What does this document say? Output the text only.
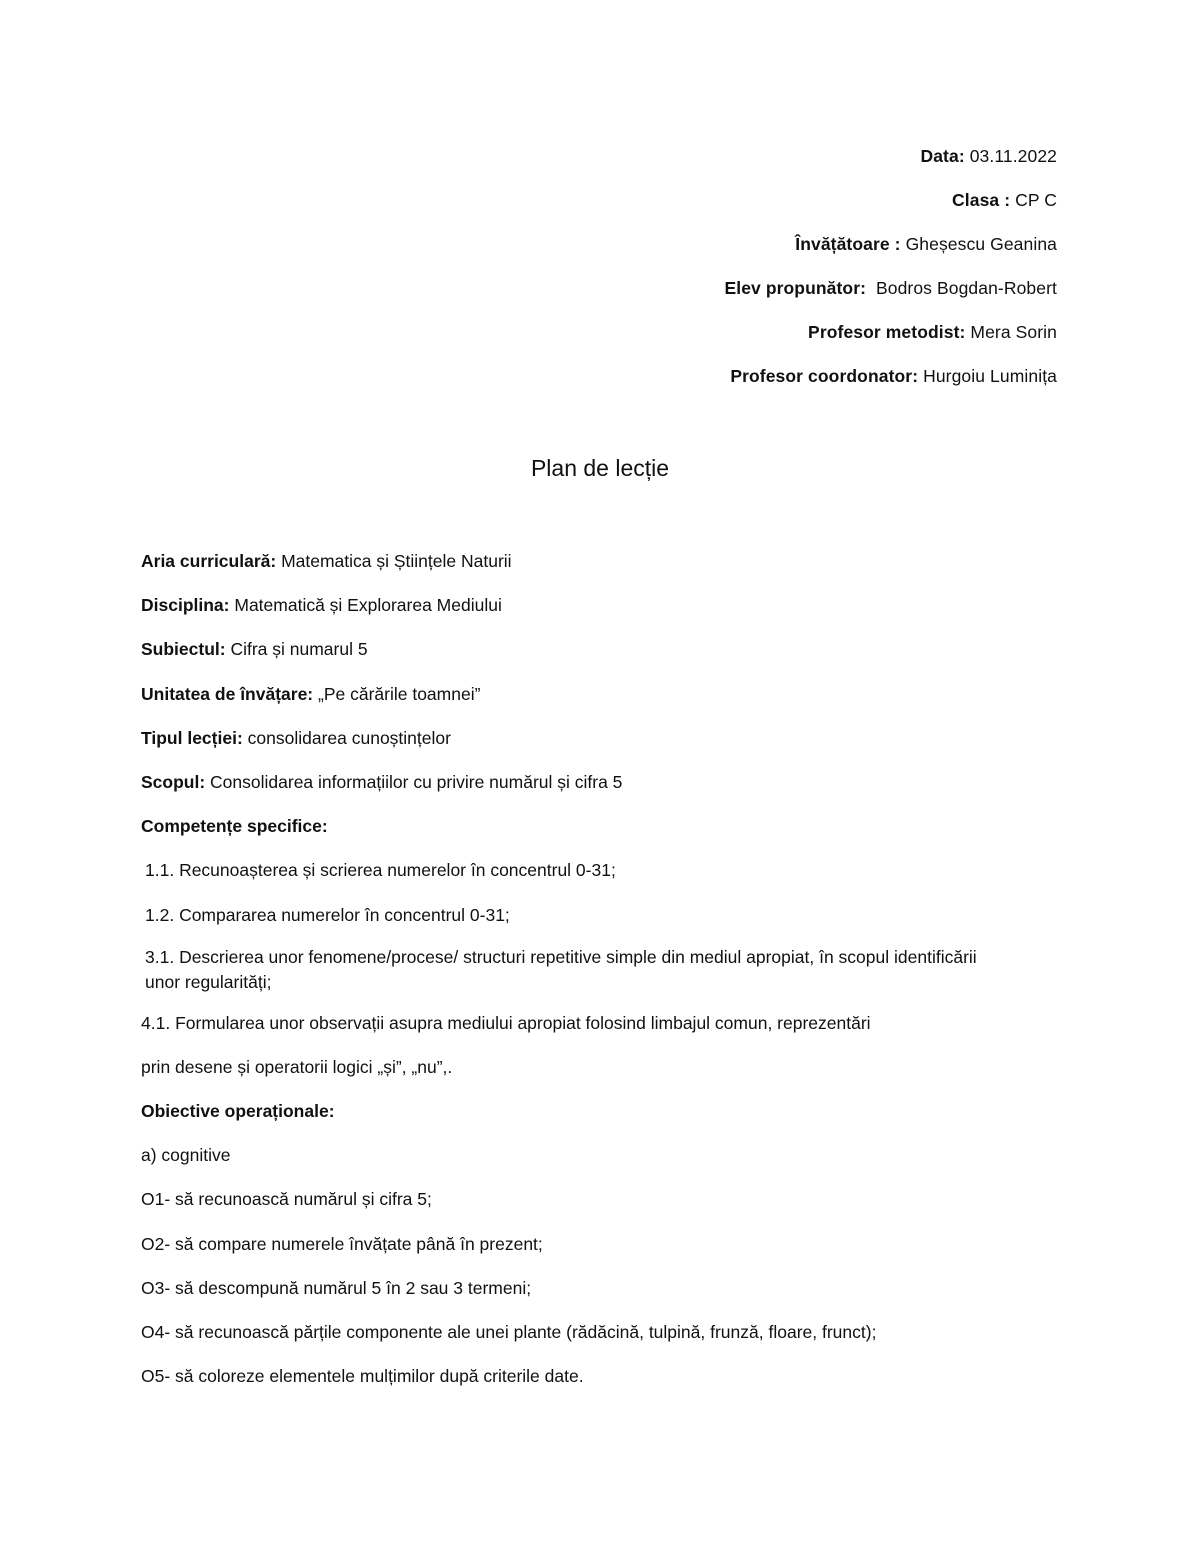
Data: 03.11.2022
Clasa : CP C
Învățătoare : Gheșescu Geanina
Elev propunător:  Bodros Bogdan-Robert
Profesor metodist: Mera Sorin
Profesor coordonator: Hurgoiu Luminița
Plan de lecție
Aria curriculară: Matematica și Științele Naturii
Disciplina: Matematică și Explorarea Mediului
Subiectul: Cifra și numarul 5
Unitatea de învățare: „Pe cărările toamnei”
Tipul lecției: consolidarea cunoștințelor
Scopul: Consolidarea informațiilor cu privire numărul și cifra 5
Competențe specifice:
1.1. Recunoașterea și scrierea numerelor în concentrul 0-31;
1.2. Compararea numerelor în concentrul 0-31;
3.1. Descrierea unor fenomene/procese/ structuri repetitive simple din mediul apropiat, în scopul identificării unor regularități;
4.1. Formularea unor observații asupra mediului apropiat folosind limbajul comun, reprezentări
prin desene și operatorii logici „și”, „nu”,.
Obiective operaționale:
a) cognitive
O1- să recunoască numărul și cifra 5;
O2- să compare numerele învățate până în prezent;
O3- să descompună numărul 5 în 2 sau 3 termeni;
O4- să recunoască părțile componente ale unei plante (rădăcină, tulpină, frunză, floare, frunct);
O5- să coloreze elementele mulțimilor după criterile date.
